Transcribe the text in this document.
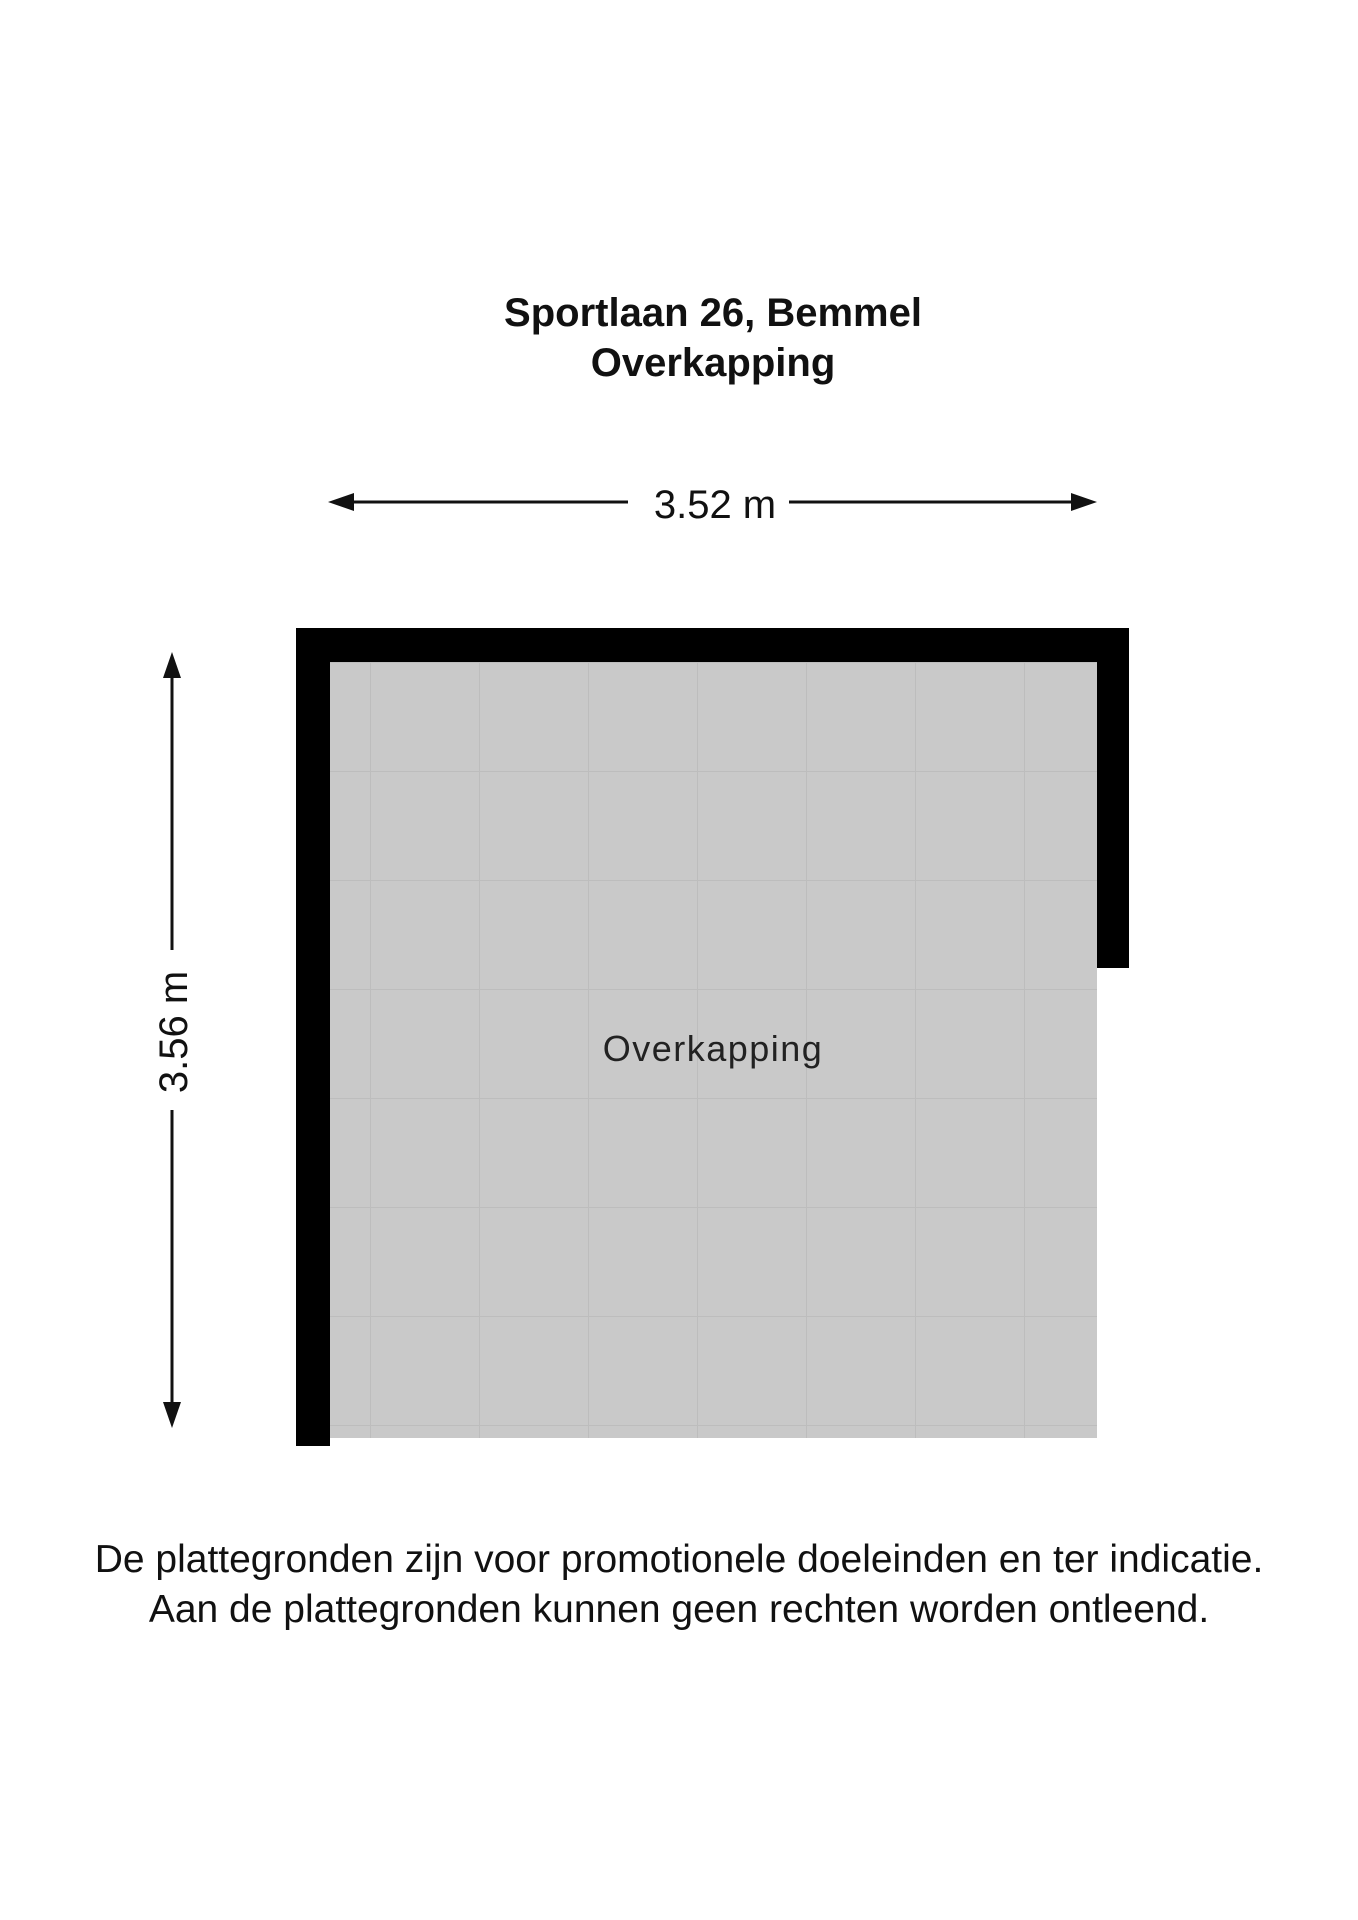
Sportlaan 26, Bemmel
Overkapping
3.52 m
3.56 m	Overkapping
De plattegronden zijn voor promotionele doeleinden en ter indicatie.
Aan de plattegronden kunnen geen rechten worden ontleend.
